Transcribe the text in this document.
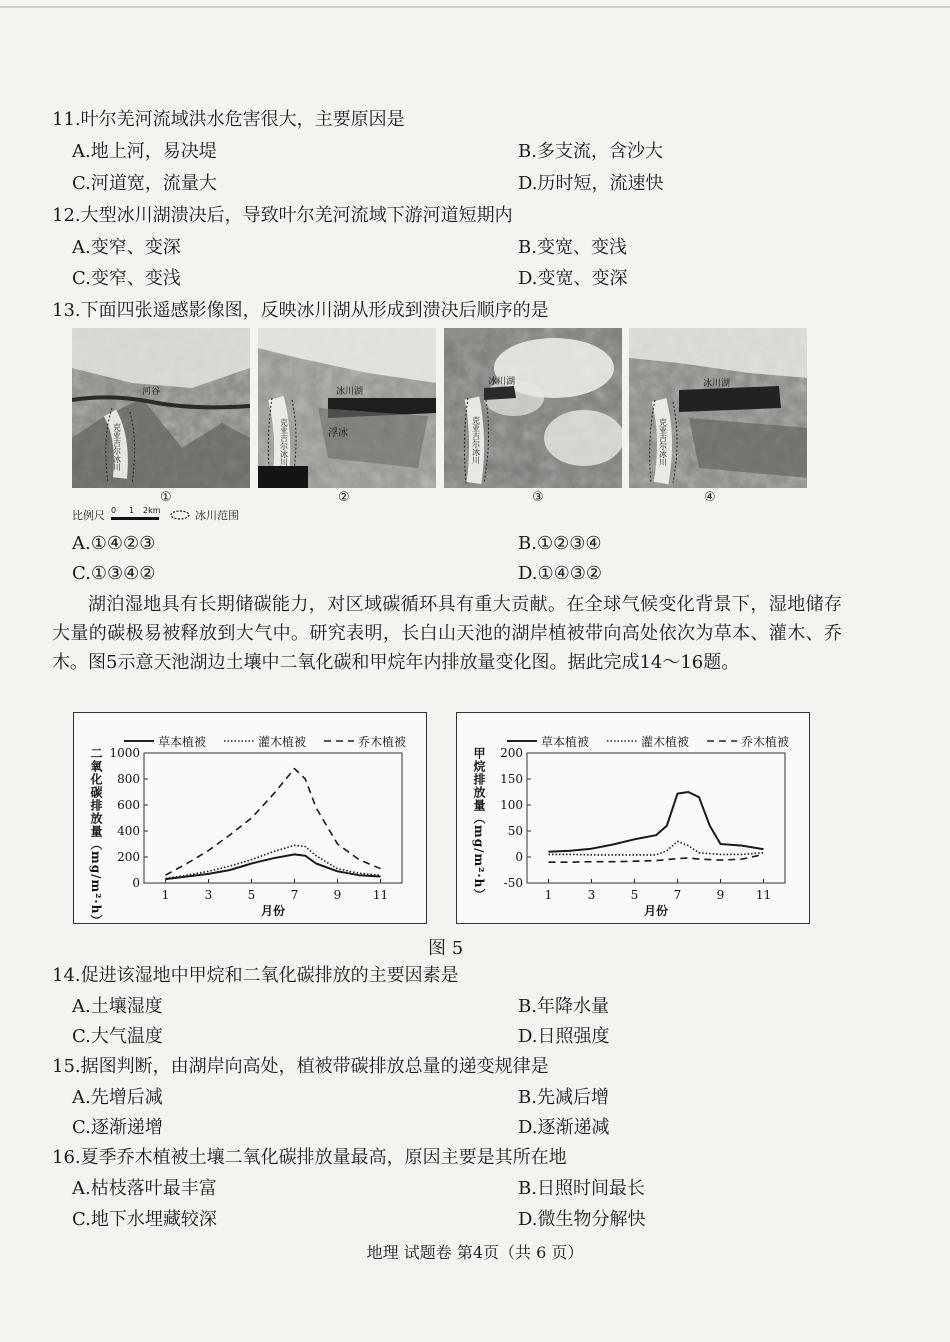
11.叶尔羌河流域洪水危害很大，主要原因是
A.地上河，易决堤	B.多支流，含沙大
C.河道宽，流量大	D.历时短，流速快
12.大型冰川湖溃决后，导致叶尔羌河流域下游河道短期内
A.变窄、变深	B.变宽、变浅
C.变窄、变浅	D.变宽、变深
13.下面四张遥感影像图，反映冰川湖从形成到溃决后顺序的是
河谷
克亚吉尔冰川
冰川湖
浮冰
克亚吉尔冰川
冰川湖
克亚吉尔冰川
冰川湖
克亚吉尔冰川
①	②	③	④
比例尺 0 1 2km	冰川范围
A.①④②③	B.①②③④
C.①③④②	D.①④③②
湖泊湿地具有长期储碳能力，对区域碳循环具有重大贡献。在全球气候变化背景下，湿地储存大量的碳极易被释放到大气中。研究表明，长白山天池的湖岸植被带向高处依次为草本、灌木、乔木。图5示意天池湖边土壤中二氧化碳和甲烷年内排放量变化图。据此完成14～16题。
草本植被	灌木植被	乔木植被
0
200
400
600
800
1000
1	3	5	7	9	11
月份
二氧化碳排放量（mg/m²·h）
草本植被	灌木植被	乔木植被
-50
0
50
100
150
200
1	3	5	7	9	11
月份
甲烷排放量（mg/m²·h）
图 5
14.促进该湿地中甲烷和二氧化碳排放的主要因素是
A.土壤湿度	B.年降水量
C.大气温度	D.日照强度
15.据图判断，由湖岸向高处，植被带碳排放总量的递变规律是
A.先增后减	B.先减后增
C.逐渐递增	D.逐渐递减
16.夏季乔木植被土壤二氧化碳排放量最高，原因主要是其所在地
A.枯枝落叶最丰富	B.日照时间最长
C.地下水埋藏较深	D.微生物分解快
地理 试题卷 第4页（共 6 页）
